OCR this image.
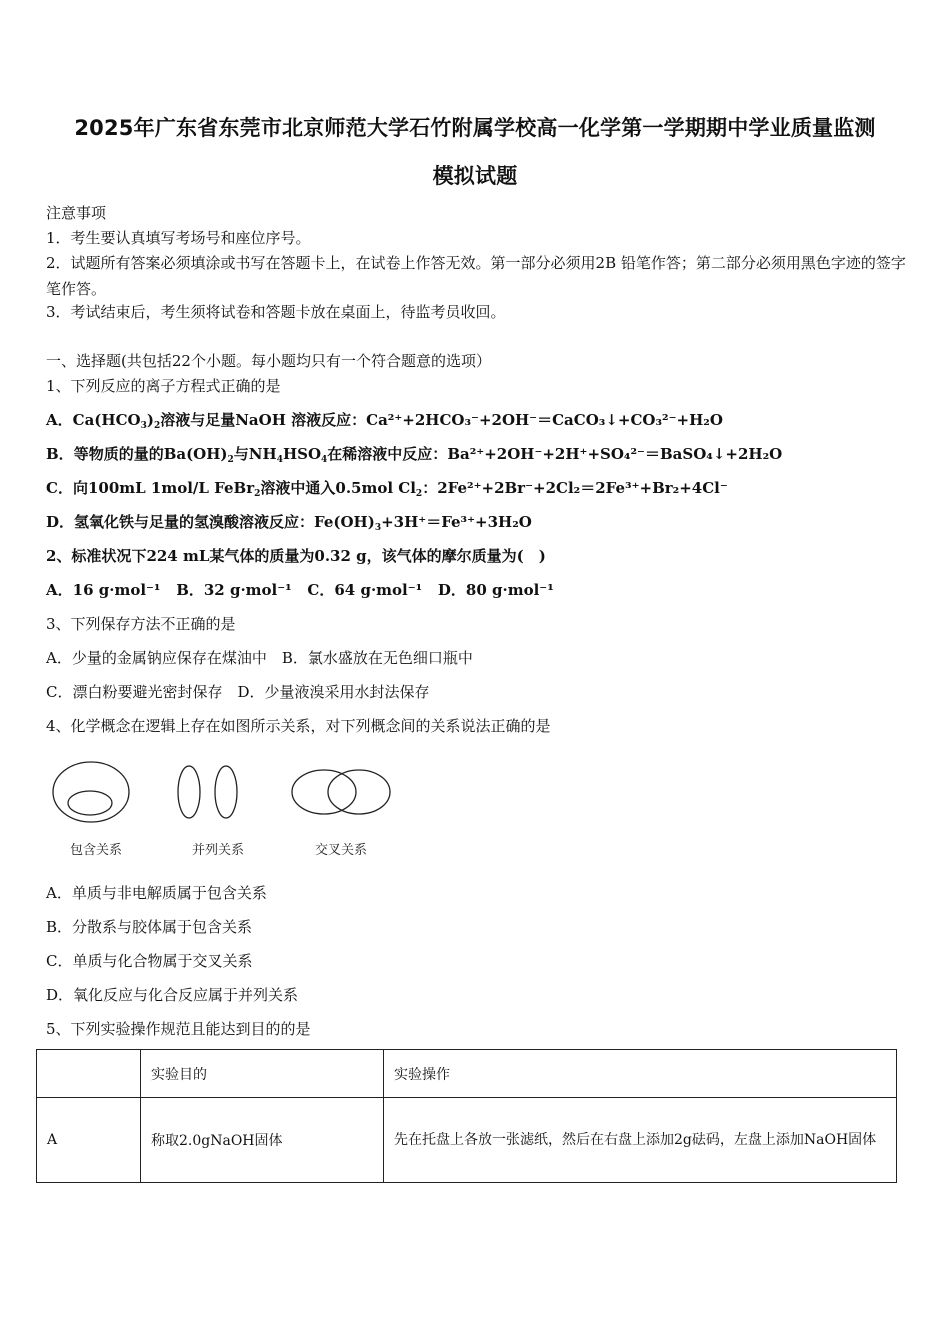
2025年广东省东莞市北京师范大学石竹附属学校高一化学第一学期期中学业质量监测
模拟试题
注意事项
1．考生要认真填写考场号和座位序号。
2．试题所有答案必须填涂或书写在答题卡上，在试卷上作答无效。第一部分必须用2B 铅笔作答；第二部分必须用黑色字迹的签字笔作答。
3．考试结束后，考生须将试卷和答题卡放在桌面上，待监考员收回。
一、选择题(共包括22个小题。每小题均只有一个符合题意的选项）
1、下列反应的离子方程式正确的是
A．$Ca(HCO_3)_2$溶液与足量NaOH 溶液反应：Ca²⁺+2HCO₃⁻+2OH⁻＝CaCO₃↓+CO₃²⁻+H₂O
B．等物质的量的$Ba(OH)_2$与$NH_4HSO_4$在稀溶液中反应：Ba²⁺+2OH⁻+2H⁺+SO₄²⁻＝BaSO₄↓+2H₂O
C．向100mL 1mol/L FeBr$_2$溶液中通入0.5mol $Cl_2$：2Fe²⁺+2Br⁻+2Cl₂＝2Fe³⁺+Br₂+4Cl⁻
D．氢氧化铁与足量的氢溴酸溶液反应：$Fe(OH)_3+3H^+=Fe^{3+}+3H_2O$
2、标准状况下224 mL某气体的质量为0.32 g，该气体的摩尔质量为(　)
A．16 g·mol⁻¹ B．32 g·mol⁻¹ C．64 g·mol⁻¹ D．80 g·mol⁻¹
3、下列保存方法不正确的是
A．少量的金属钠应保存在煤油中　B．氯水盛放在无色细口瓶中
C．漂白粉要避光密封保存　D．少量液溴采用水封法保存
4、化学概念在逻辑上存在如图所示关系，对下列概念间的关系说法正确的是
包含关系	并列关系	交叉关系
A．单质与非电解质属于包含关系
B．分散系与胶体属于包含关系
C．单质与化合物属于交叉关系
D．氧化反应与化合反应属于并列关系
5、下列实验操作规范且能达到目的的是
	实验目的	实验操作
A	称取2.0gNaOH固体	先在托盘上各放一张滤纸，然后在右盘上添加2g砝码，左盘上添加NaOH固体
